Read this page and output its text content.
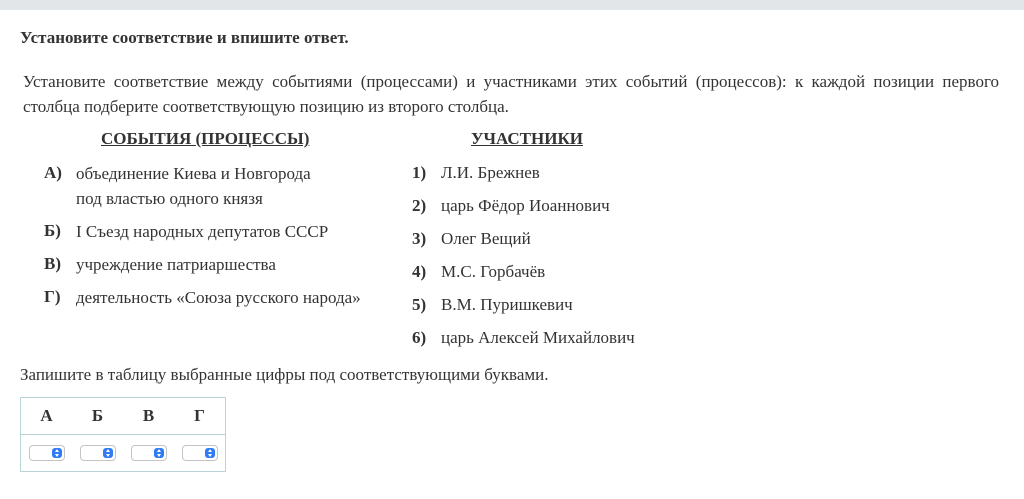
Установите соответствие и впишите ответ.
Установите соответствие между событиями (процессами) и участниками этих событий (процессов): к каждой позиции первого столбца подберите соответствующую позицию из второго столбца.
СОБЫТИЯ (ПРОЦЕССЫ)	УЧАСТНИКИ
А) объединение Киева и Новгорода
под властью одного князя
Б) I Съезд народных депутатов СССР
В) учреждение патриаршества
Г) деятельность «Союза русского народа»
1) Л.И. Брежнев
2) царь Фёдор Иоаннович
3) Олег Вещий
4) М.С. Горбачёв
5) В.М. Пуришкевич
6) царь Алексей Михайлович
Запишите в таблицу выбранные цифры под соответствующими буквами.
А	Б	В	Г
